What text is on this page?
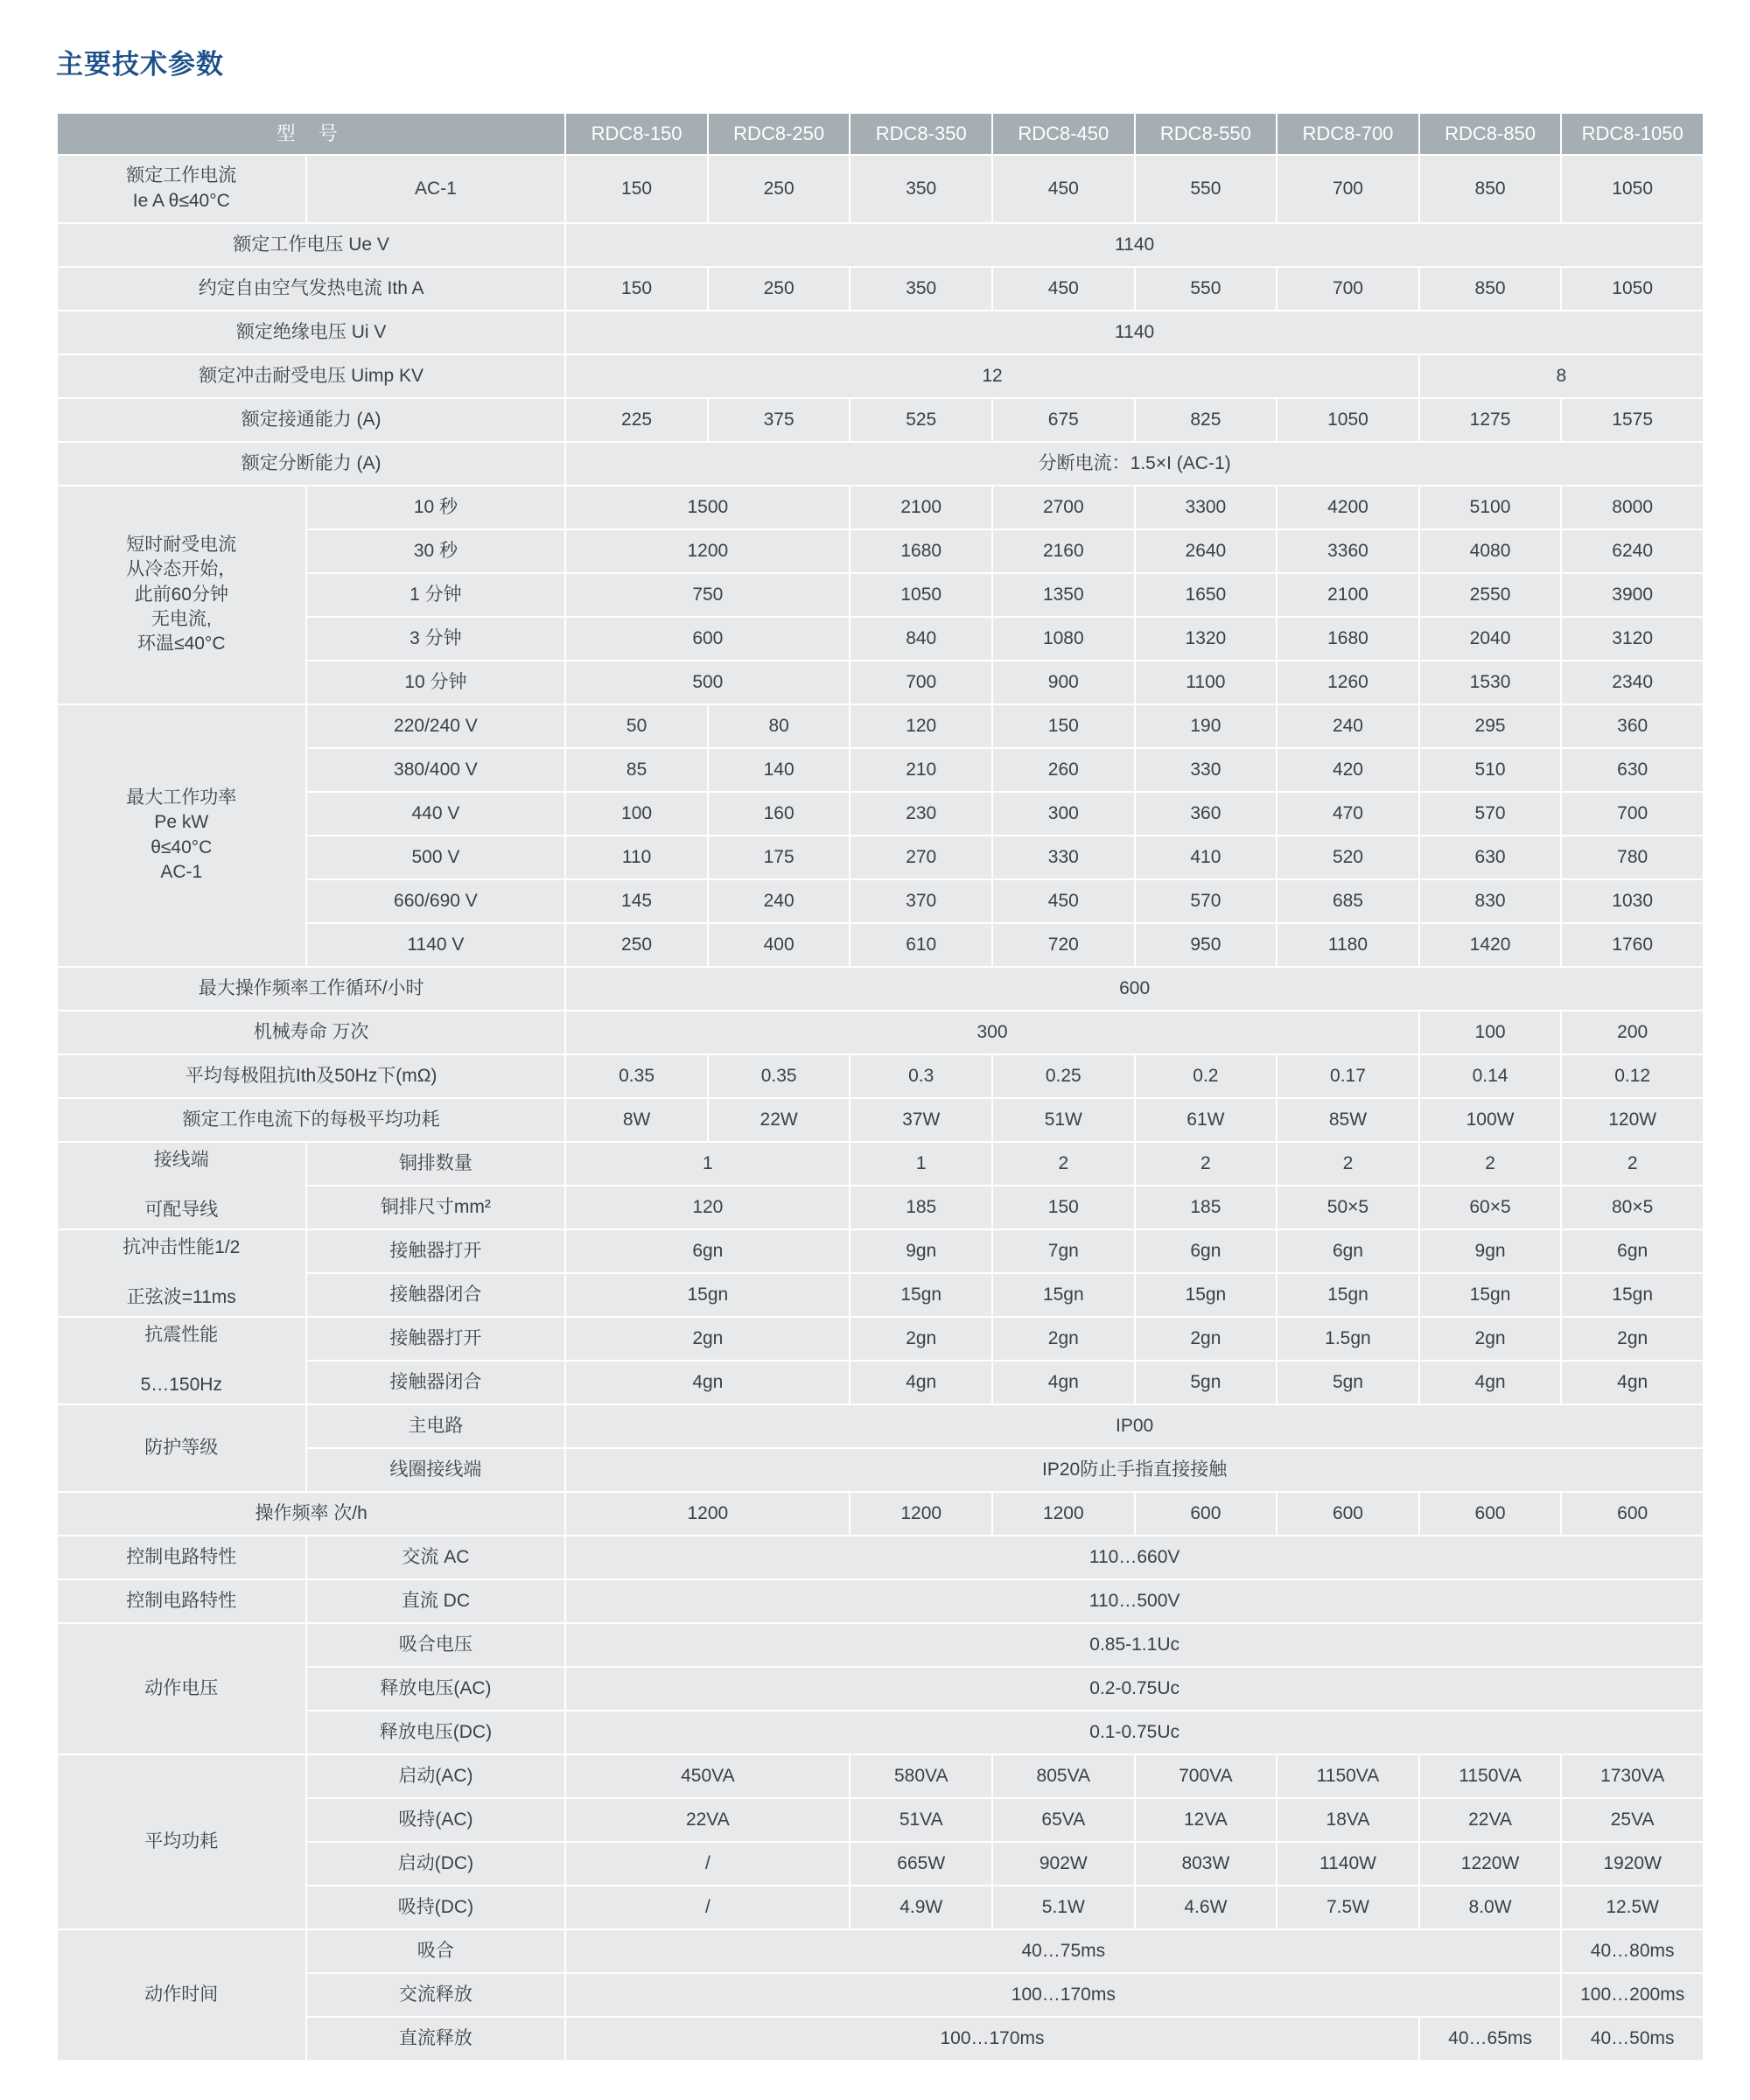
主要技术参数
型 号		RDC8-150	RDC8-250	RDC8-350	RDC8-450	RDC8-550	RDC8-700	RDC8-850	RDC8-1050
额定工作电流
Ie A θ≤40°C	AC-1	150	250	350	450	550	700	850	1050
额定工作电压 Ue V		1140							
约定自由空气发热电流 Ith A		150	250	350	450	550	700	850	1050
额定绝缘电压 Ui V		1140							
额定冲击耐受电压 Uimp KV		12						8	
额定接通能力 (A)		225	375	525	675	825	1050	1275	1575
额定分断能力 (A)		分断电流：1.5×I (AC-1)							
短时耐受电流
从冷态开始，
此前60分钟
无电流,
环温≤40°C	10 秒	1500		2100	2700	3300	4200	5100	8000
	30 秒	1200		1680	2160	2640	3360	4080	6240
	1 分钟	750		1050	1350	1650	2100	2550	3900
	3 分钟	600		840	1080	1320	1680	2040	3120
	10 分钟	500		700	900	1100	1260	1530	2340
最大工作功率
Pe kW
θ≤40°C
AC-1	220/240 V	50	80	120	150	190	240	295	360
	380/400 V	85	140	210	260	330	420	510	630
	440 V	100	160	230	300	360	470	570	700
	500 V	110	175	270	330	410	520	630	780
	660/690 V	145	240	370	450	570	685	830	1030
	1140 V	250	400	610	720	950	1180	1420	1760
最大操作频率工作循环/小时		600							
机械寿命 万次		300						100	200
平均每极阻抗Ith及50Hz下(mΩ)		0.35	0.35	0.3	0.25	0.2	0.17	0.14	0.12
额定工作电流下的每极平均功耗		8W	22W	37W	51W	61W	85W	100W	120W
接线端

可配导线	铜排数量	1		1	2	2	2	2	2
	铜排尺寸mm²	120		185	150	185	50×5	60×5	80×5
抗冲击性能1/2

正弦波=11ms	接触器打开	6gn		9gn	7gn	6gn	6gn	9gn	6gn
	接触器闭合	15gn		15gn	15gn	15gn	15gn	15gn	15gn
抗震性能

5…150Hz	接触器打开	2gn		2gn	2gn	2gn	1.5gn	2gn	2gn
	接触器闭合	4gn		4gn	4gn	5gn	5gn	4gn	4gn
防护等级	主电路	IP00							
	线圈接线端	IP20防止手指直接接触							
操作频率 次/h		1200		1200	1200	600	600	600	600
控制电路特性	交流 AC	110…660V							
控制电路特性	直流 DC	110…500V							
动作电压	吸合电压	0.85-1.1Uc							
	释放电压(AC)	0.2-0.75Uc							
	释放电压(DC)	0.1-0.75Uc							
平均功耗	启动(AC)	450VA		580VA	805VA	700VA	1150VA	1150VA	1730VA
	吸持(AC)	22VA		51VA	65VA	12VA	18VA	22VA	25VA
	启动(DC)	/		665W	902W	803W	1140W	1220W	1920W
	吸持(DC)	/		4.9W	5.1W	4.6W	7.5W	8.0W	12.5W
动作时间	吸合	40…75ms							40…80ms
	交流释放	100…170ms							100…200ms
	直流释放	100…170ms						40…65ms	40…50ms
